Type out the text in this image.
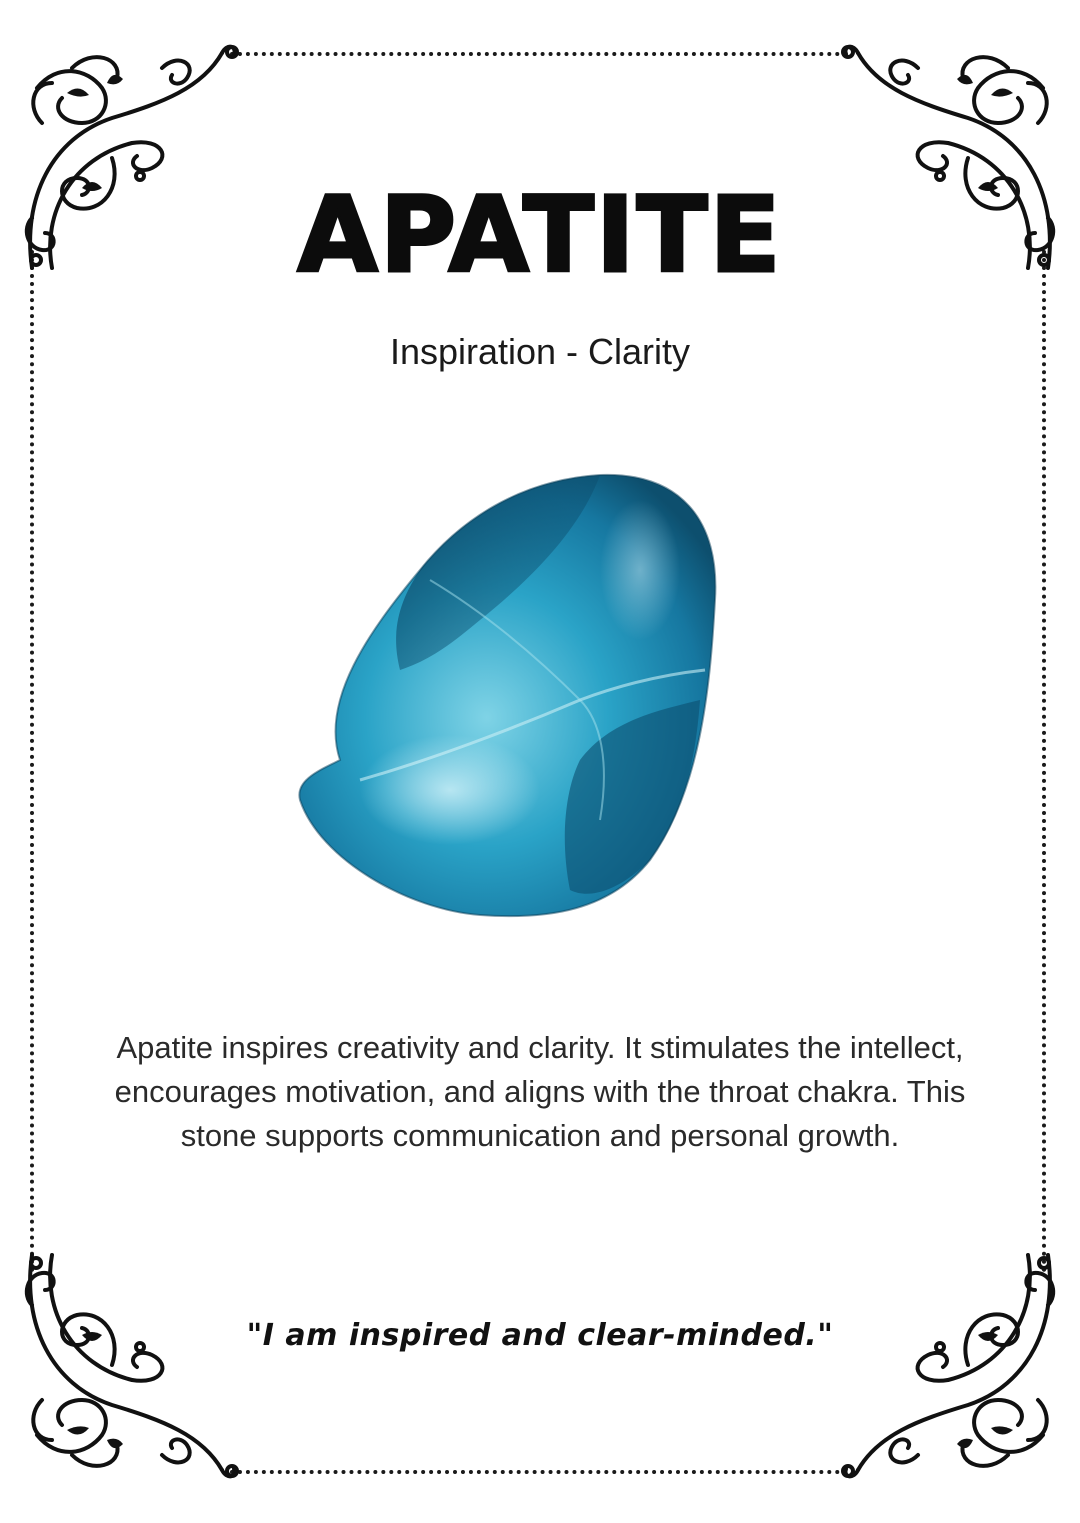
APATITE
Inspiration - Clarity
Apatite inspires creativity and clarity. It stimulates the intellect, encourages motivation, and aligns with the throat chakra. This stone supports communication and personal growth.
"I am inspired and clear-minded."
